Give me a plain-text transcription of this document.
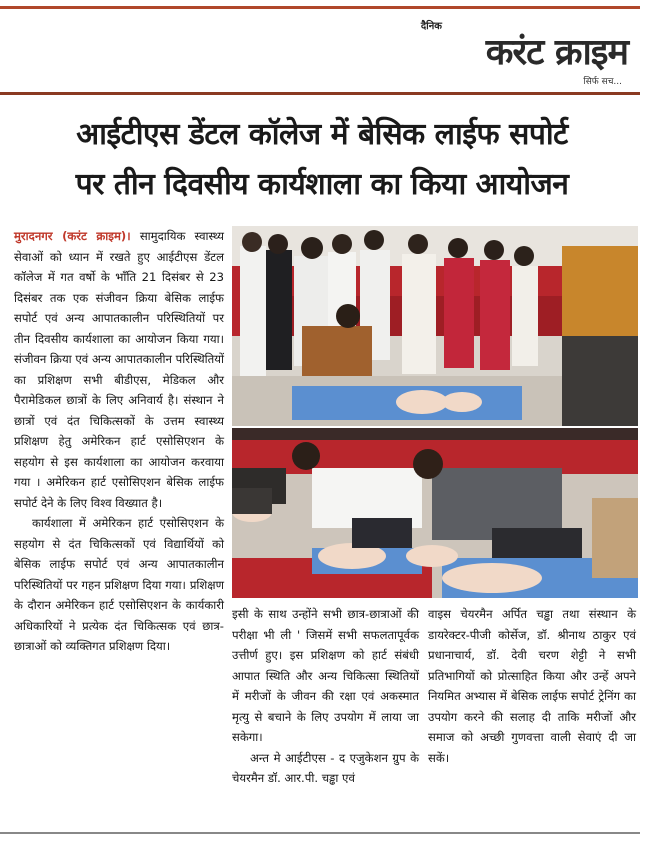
दैनिक
करंट क्राइम
सिर्फ सच...
आईटीएस डेंटल कॉलेज में बेसिक लाईफ सपोर्ट
पर तीन दिवसीय कार्यशाला का किया आयोजन
मुरादनगर (करंट क्राइम)। सामुदायिक स्वास्थ्य सेवाओं को ध्यान में रखते हुए आईटीएस डेंटल कॉलेज में गत वर्षो के भाँति 21 दिसंबर से 23 दिसंबर तक एक संजीवन क्रिया बेसिक लाईफ सपोर्ट एवं अन्य आपातकालीन परिस्थितियों पर तीन दिवसीय कार्यशाला का आयोजन किया गया। संजीवन क्रिया एवं अन्य आपातकालीन परिस्थितियों का प्रशिक्षण सभी बीडीएस, मेडिकल और पैरामेडिकल छात्रों के लिए अनिवार्य है। संस्थान ने छात्रों एवं दंत चिकित्सकों के उत्तम स्वास्थ्य प्रशिक्षण हेतु अमेरिकन हार्ट एसोसिएशन के सहयोग से इस कार्यशाला का आयोजन करवाया गया । अमेरिकन हार्ट एसोसिएशन बेसिक लाईफ सपोर्ट देने के लिए विश्व विख्यात है।
कार्यशाला में अमेरिकन हार्ट एसोसिएशन के सहयोग से दंत चिकित्सकों एवं विद्यार्थियों को बेसिक लाईफ सपोर्ट एवं अन्य आपातकालीन परिस्थितियों पर गहन प्रशिक्षण दिया गया। प्रशिक्षण के दौरान अमेरिकन हार्ट एसोसिएशन के कार्यकारी अधिकारियों ने प्रत्येक दंत चिकित्सक एवं छात्र-छात्राओं को व्यक्तिगत प्रशिक्षण दिया।
इसी के साथ उन्होंने सभी छात्र-छात्राओं की परीक्षा भी ली ' जिसमें सभी सफलतापूर्वक उत्तीर्ण हुए। इस प्रशिक्षण को हार्ट संबंधी आपात स्थिति और अन्य चिकित्सा स्थितियों में मरीजों के जीवन की रक्षा एवं अकस्मात मृत्यु से बचाने के लिए उपयोग में लाया जा सकेगा।
अन्त मे आईटीएस - द एजुकेशन ग्रुप के चेयरमैन डॉ. आर.पी. चड्ढा एवं
वाइस चेयरमैन अर्पित चड्ढा तथा संस्थान के डायरेक्टर-पीजी कोर्सेज, डॉ. श्रीनाथ ठाकुर एवं प्रधानाचार्य, डॉ. देवी चरण शेट्टी ने सभी प्रतिभागियों को प्रोत्साहित किया और उन्हें अपने नियमित अभ्यास में बेसिक लाईफ सपोर्ट ट्रेनिंग का उपयोग करने की सलाह दी ताकि मरीजों और समाज को अच्छी गुणवत्ता वाली सेवाएं दी जा सकें।
